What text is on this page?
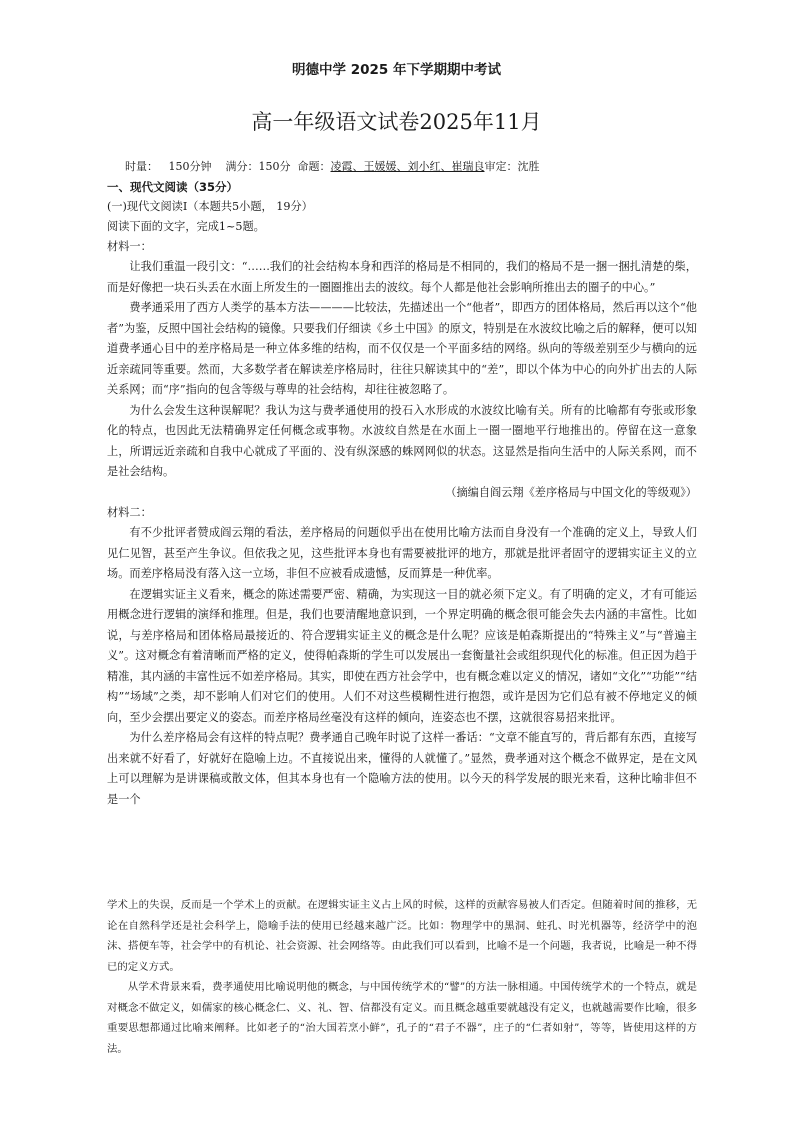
明德中学 2025 年下学期期中考试
高一年级语文试卷2025年11月
时量： 150分钟 满分：150分 命题：凌霞、王媛媛、刘小红、崔瑞良审定：沈胜

一、现代文阅读（35分）

(一)现代文阅读Ⅰ（本题共5小题， 19分）

阅读下面的文字，完成1~5题。

材料一：

让我们重温一段引文：“……我们的社会结构本身和西洋的格局是不相同的，我们的格局不是一捆一捆扎清楚的柴，而是好像把一块石头丢在水面上所发生的一圈圈推出去的波纹。每个人都是他社会影响所推出去的圈子的中心。”

费孝通采用了西方人类学的基本方法————比较法，先描述出一个“他者”，即西方的团体格局，然后再以这个“他者”为鉴，反照中国社会结构的镜像。只要我们仔细读《乡土中国》的原文，特别是在水波纹比喻之后的解释，便可以知道费孝通心目中的差序格局是一种立体多维的结构，而不仅仅是一个平面多结的网络。纵向的等级差别至少与横向的远近亲疏同等重要。然而，大多数学者在解读差序格局时，往往只解读其中的“差”，即以个体为中心的向外扩出去的人际关系网；而“序”指向的包含等级与尊卑的社会结构，却往往被忽略了。

为什么会发生这种误解呢？我认为这与费孝通使用的投石入水形成的水波纹比喻有关。所有的比喻都有夸张或形象化的特点，也因此无法精确界定任何概念或事物。水波纹自然是在水面上一圈一圈地平行地推出的。停留在这一意象上，所谓远近亲疏和自我中心就成了平面的、没有纵深感的蛛网网似的状态。这显然是指向生活中的人际关系网，而不是社会结构。

（摘编自阎云翔《差序格局与中国文化的等级观》）

材料二：

有不少批评者赞成阎云翔的看法，差序格局的问题似乎出在使用比喻方法而自身没有一个准确的定义上，导致人们见仁见智，甚至产生争议。但依我之见，这些批评本身也有需要被批评的地方，那就是批评者固守的逻辑实证主义的立场。而差序格局没有落入这一立场，非但不应被看成遗憾，反而算是一种优率。

在逻辑实证主义看来，概念的陈述需要严密、精确，为实现这一目的就必须下定义。有了明确的定义，才有可能运用概念进行逻辑的演绎和推理。但是，我们也要清醒地意识到，一个界定明确的概念很可能会失去内涵的丰富性。比如说，与差序格局和团体格局最接近的、符合逻辑实证主义的概念是什么呢？应该是帕森斯提出的“特殊主义”与“普遍主义”。这对概念有着清晰而严格的定义，使得帕森斯的学生可以发展出一套衡量社会或组织现代化的标准。但正因为趋于精准，其内涵的丰富性远不如差序格局。其实，即使在西方社会学中，也有概念难以定义的情况，诸如“文化”“功能”“结构”“场域”之类，却不影响人们对它们的使用。人们不对这些模糊性进行抱怨，或许是因为它们总有被不停地定义的倾向，至少会摆出要定义的姿态。而差序格局丝毫没有这样的倾向，连姿态也不摆，这就很容易招来批评。

为什么差序格局会有这样的特点呢？费孝通自己晚年时说了这样一番话：“文章不能直写的，背后都有东西，直接写出来就不好看了，好就好在隐喻上边。不直接说出来，懂得的人就懂了。”显然，费孝通对这个概念不做界定，是在文风上可以理解为是讲课稿或散文体，但其本身也有一个隐喻方法的使用。以今天的科学发展的眼光来看，这种比喻非但不是一个

学术上的失误，反而是一个学术上的贡献。在逻辑实证主义占上风的时候，这样的贡献容易被人们否定。但随着时间的推移，无论在自然科学还是社会科学上，隐喻手法的使用已经越来越广泛。比如：物理学中的黑洞、蛀孔、时光机器等，经济学中的泡沫、搭便车等，社会学中的有机论、社会资源、社会网络等。由此我们可以看到，比喻不是一个问题，我者说，比喻是一种不得已的定义方式。

从学术背景来看，费孝通使用比喻说明他的概念，与中国传统学术的“譬”的方法一脉相通。中国传统学术的一个特点，就是对概念不做定义，如儒家的核心概念仁、义、礼、智、信都没有定义。而且概念越重要就越没有定义，也就越需要作比喻，很多重要思想都通过比喻来阐释。比如老子的“治大国若烹小鲜”，孔子的“君子不器”，庄子的“仁者如射”，等等，皆使用这样的方法。
